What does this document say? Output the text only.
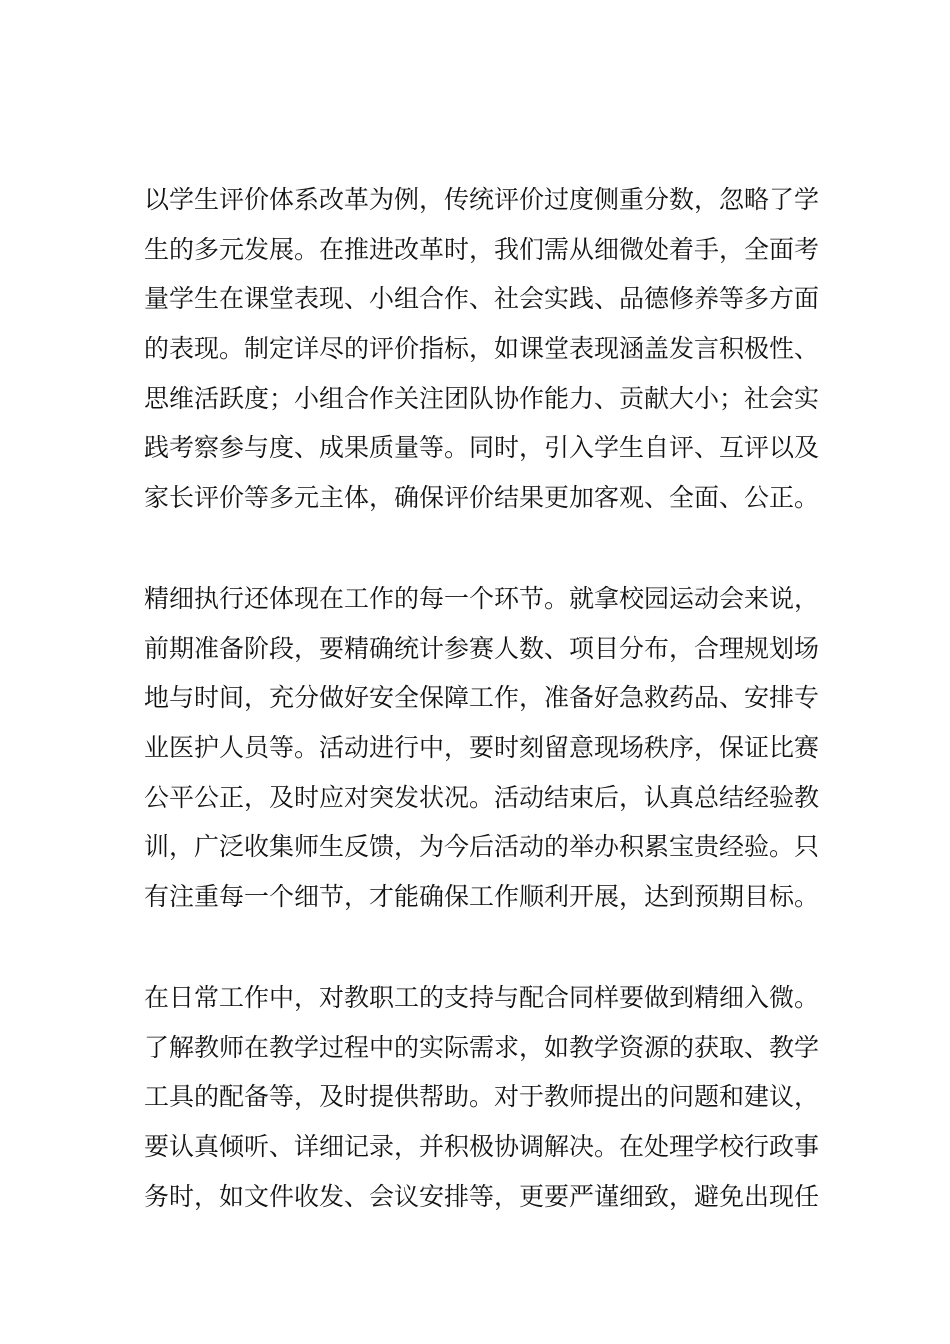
以学生评价体系改革为例，传统评价过度侧重分数，忽略了学
生的多元发展。在推进改革时，我们需从细微处着手，全面考
量学生在课堂表现、小组合作、社会实践、品德修养等多方面
的表现。制定详尽的评价指标，如课堂表现涵盖发言积极性、
思维活跃度；小组合作关注团队协作能力、贡献大小；社会实
践考察参与度、成果质量等。同时，引入学生自评、互评以及
家长评价等多元主体，确保评价结果更加客观、全面、公正。
精细执行还体现在工作的每一个环节。就拿校园运动会来说，
前期准备阶段，要精确统计参赛人数、项目分布，合理规划场
地与时间，充分做好安全保障工作，准备好急救药品、安排专
业医护人员等。活动进行中，要时刻留意现场秩序，保证比赛
公平公正，及时应对突发状况。活动结束后，认真总结经验教
训，广泛收集师生反馈，为今后活动的举办积累宝贵经验。只
有注重每一个细节，才能确保工作顺利开展，达到预期目标。
在日常工作中，对教职工的支持与配合同样要做到精细入微。
了解教师在教学过程中的实际需求，如教学资源的获取、教学
工具的配备等，及时提供帮助。对于教师提出的问题和建议，
要认真倾听、详细记录，并积极协调解决。在处理学校行政事
务时，如文件收发、会议安排等，更要严谨细致，避免出现任
